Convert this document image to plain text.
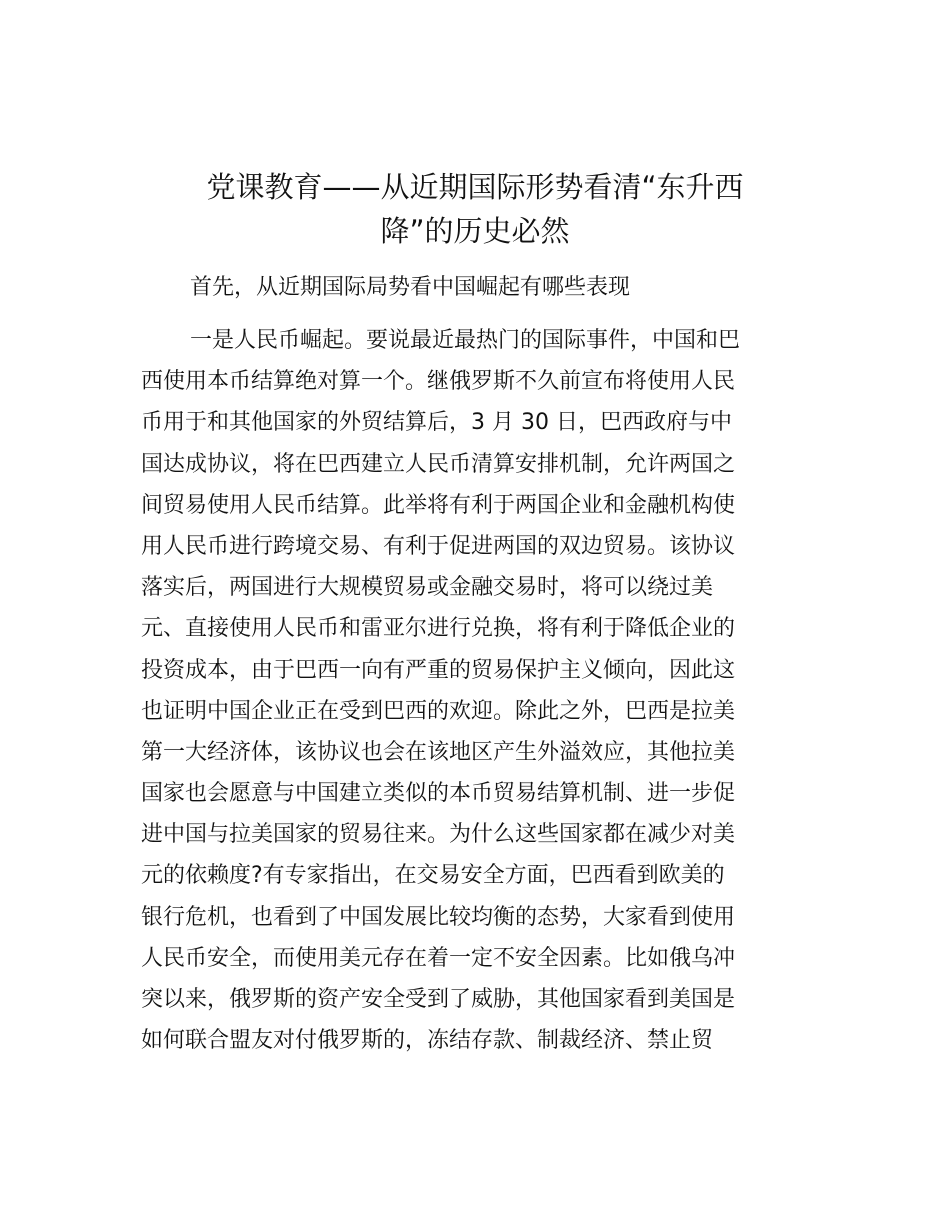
党课教育——从近期国际形势看清“东升西
降”的历史必然

首先，从近期国际局势看中国崛起有哪些表现

一是人民币崛起。要说最近最热门的国际事件，中国和巴
西使用本币结算绝对算一个。继俄罗斯不久前宣布将使用人民
币用于和其他国家的外贸结算后，3 月 30 日，巴西政府与中
国达成协议，将在巴西建立人民币清算安排机制，允许两国之
间贸易使用人民币结算。此举将有利于两国企业和金融机构使
用人民币进行跨境交易、有利于促进两国的双边贸易。该协议
落实后，两国进行大规模贸易或金融交易时，将可以绕过美
元、直接使用人民币和雷亚尔进行兑换，将有利于降低企业的
投资成本，由于巴西一向有严重的贸易保护主义倾向，因此这
也证明中国企业正在受到巴西的欢迎。除此之外，巴西是拉美
第一大经济体，该协议也会在该地区产生外溢效应，其他拉美
国家也会愿意与中国建立类似的本币贸易结算机制、进一步促
进中国与拉美国家的贸易往来。为什么这些国家都在减少对美
元的依赖度?有专家指出，在交易安全方面，巴西看到欧美的
银行危机，也看到了中国发展比较均衡的态势，大家看到使用
人民币安全，而使用美元存在着一定不安全因素。比如俄乌冲
突以来，俄罗斯的资产安全受到了威胁，其他国家看到美国是
如何联合盟友对付俄罗斯的，冻结存款、制裁经济、禁止贸
